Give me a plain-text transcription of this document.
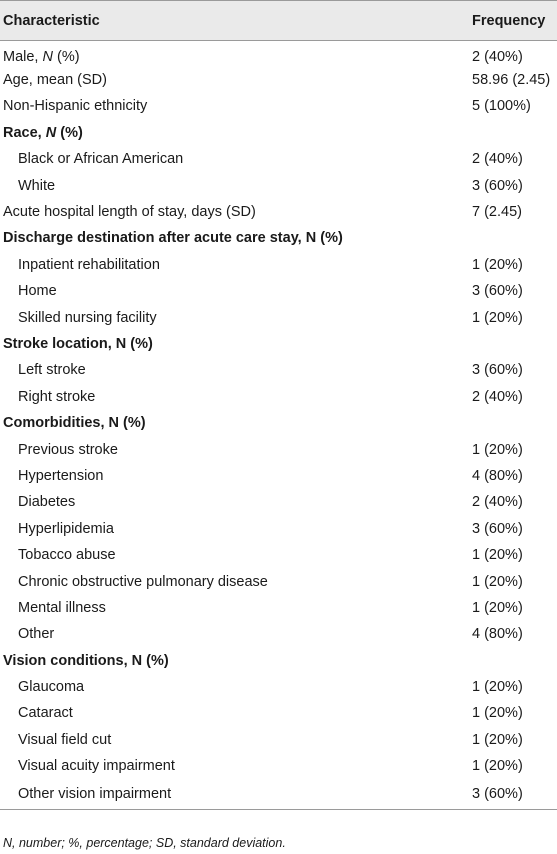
Characteristic	Frequency
Male, N (%)	2 (40%)
Age, mean (SD)	58.96 (2.45)
Non-Hispanic ethnicity	5 (100%)
Race, N (%)	
Black or African American	2 (40%)
White	3 (60%)
Acute hospital length of stay, days (SD)	7 (2.45)
Discharge destination after acute care stay, N (%)	
Inpatient rehabilitation	1 (20%)
Home	3 (60%)
Skilled nursing facility	1 (20%)
Stroke location, N (%)	
Left stroke	3 (60%)
Right stroke	2 (40%)
Comorbidities, N (%)	
Previous stroke	1 (20%)
Hypertension	4 (80%)
Diabetes	2 (40%)
Hyperlipidemia	3 (60%)
Tobacco abuse	1 (20%)
Chronic obstructive pulmonary disease	1 (20%)
Mental illness	1 (20%)
Other	4 (80%)
Vision conditions, N (%)	
Glaucoma	1 (20%)
Cataract	1 (20%)
Visual field cut	1 (20%)
Visual acuity impairment	1 (20%)
Other vision impairment	3 (60%)
N, number; %, percentage; SD, standard deviation.
